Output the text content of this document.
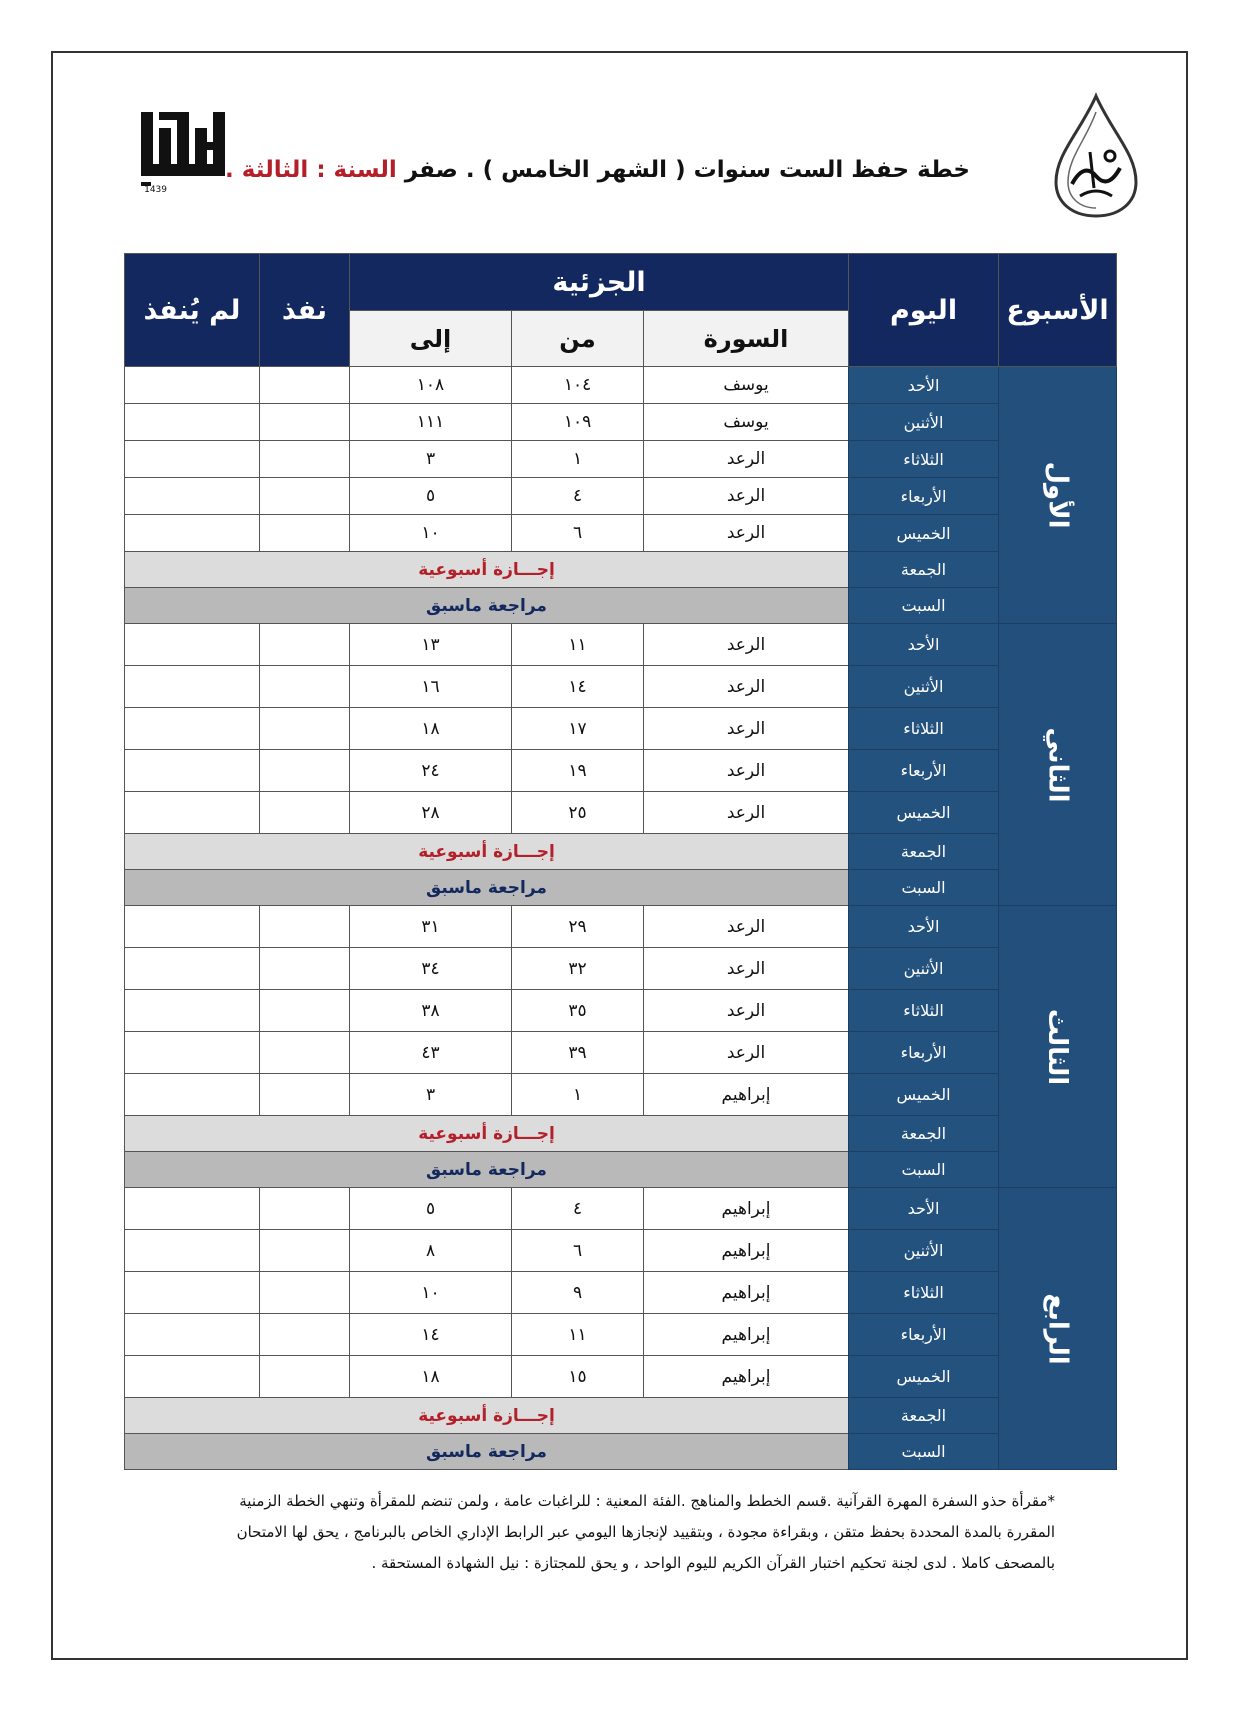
1439
خطة حفظ الست سنوات ( الشهر الخامس ) . صفر السنة : الثالثة .
الأسبوع	اليوم	الجزئية			نفذ	لم يُنفذ
		السورة	من	إلى		
الأول	الأحد	يوسف	١٠٤	١٠٨		
	الأثنين	يوسف	١٠٩	١١١		
	الثلاثاء	الرعد	١	٣		
	الأربعاء	الرعد	٤	٥		
	الخميس	الرعد	٦	١٠		
	الجمعة	إجـــازة أسبوعية				
	السبت	مراجعة ماسبق				
الثاني	الأحد	الرعد	١١	١٣		
	الأثنين	الرعد	١٤	١٦		
	الثلاثاء	الرعد	١٧	١٨		
	الأربعاء	الرعد	١٩	٢٤		
	الخميس	الرعد	٢٥	٢٨		
	الجمعة	إجـــازة أسبوعية				
	السبت	مراجعة ماسبق				
الثالث	الأحد	الرعد	٢٩	٣١		
	الأثنين	الرعد	٣٢	٣٤		
	الثلاثاء	الرعد	٣٥	٣٨		
	الأربعاء	الرعد	٣٩	٤٣		
	الخميس	إبراهيم	١	٣		
	الجمعة	إجـــازة أسبوعية				
	السبت	مراجعة ماسبق				
الرابع	الأحد	إبراهيم	٤	٥		
	الأثنين	إبراهيم	٦	٨		
	الثلاثاء	إبراهيم	٩	١٠		
	الأربعاء	إبراهيم	١١	١٤		
	الخميس	إبراهيم	١٥	١٨		
	الجمعة	إجـــازة أسبوعية				
	السبت	مراجعة ماسبق				
*مقرأة حذو السفرة المهرة القرآنية .قسم الخطط والمناهج .الفئة المعنية : للراغبات عامة ، ولمن تنضم للمقرأة وتنهي الخطة الزمنية
المقررة بالمدة المحددة بحفظ متقن ، وبقراءة مجودة ، وبتقييد لإنجازها اليومي عبر الرابط الإداري الخاص بالبرنامج ، يحق لها الامتحان
بالمصحف كاملا . لدى لجنة تحكيم اختبار القرآن الكريم لليوم الواحد ، و يحق للمجتازة : نيل الشهادة المستحقة .
